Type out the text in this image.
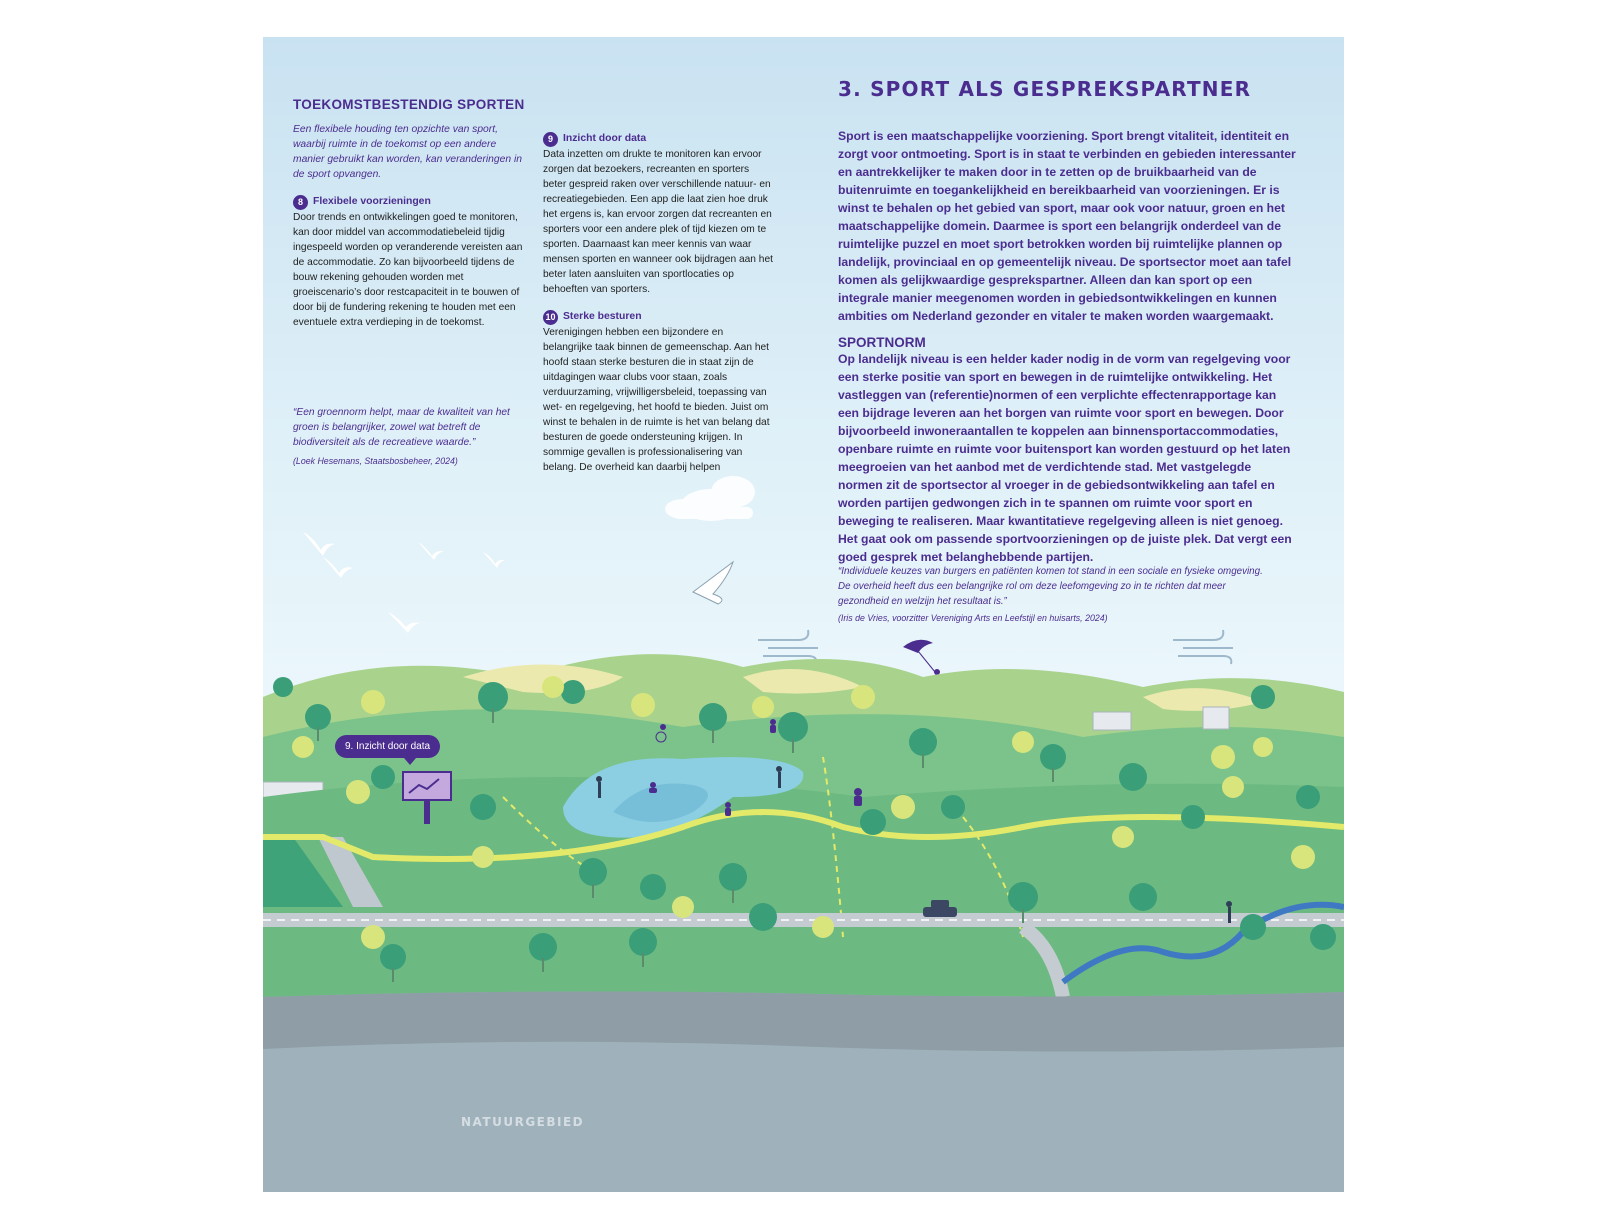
TOEKOMSTBESTENDIG SPORTEN

Een flexibele houding ten opzichte van sport, waarbij ruimte in de toekomst op een andere manier gebruikt kan worden, kan veranderingen in de sport opvangen.

8 Flexibele voorzieningen

Door trends en ontwikkelingen goed te monitoren, kan door middel van accommodatiebeleid tijdig ingespeeld worden op veranderende vereisten aan de accommodatie. Zo kan bijvoorbeeld tijdens de bouw rekening gehouden worden met groeiscenario’s door restcapaciteit in te bouwen of door bij de fundering rekening te houden met een eventuele extra verdieping in de toekomst.

“Een groennorm helpt, maar de kwaliteit van het groen is belangrijker, zowel wat betreft de biodiversiteit als de recreatieve waarde.”
(Loek Hesemans, Staatsbosbeheer, 2024)
9 Inzicht door data

Data inzetten om drukte te monitoren kan ervoor zorgen dat bezoekers, recreanten en sporters beter gespreid raken over verschillende natuur- en recreatiegebieden. Een app die laat zien hoe druk het ergens is, kan ervoor zorgen dat recreanten en sporters voor een andere plek of tijd kiezen om te sporten. Daarnaast kan meer kennis van waar mensen sporten en wanneer ook bijdragen aan het beter laten aansluiten van sportlocaties op behoeften van sporters.

10 Sterke besturen

Verenigingen hebben een bijzondere en belangrijke taak binnen de gemeenschap. Aan het hoofd staan sterke besturen die in staat zijn de uitdagingen waar clubs voor staan, zoals verduurzaming, vrijwilligersbeleid, toepassing van wet- en regelgeving, het hoofd te bieden. Juist om winst te behalen in de ruimte is het van belang dat besturen de goede ondersteuning krijgen. In sommige gevallen is professionalisering van belang. De overheid kan daarbij helpen

3. SPORT ALS GESPREKSPARTNER

Sport is een maatschappelijke voorziening. Sport brengt vitaliteit, identiteit en zorgt voor ontmoeting. Sport is in staat te verbinden en gebieden interessanter en aantrekkelijker te maken door in te zetten op de bruikbaarheid van de buitenruimte en toegankelijkheid en bereikbaarheid van voorzieningen. Er is winst te behalen op het gebied van sport, maar ook voor natuur, groen en het maatschappelijke domein. Daarmee is sport een belangrijk onderdeel van de ruimtelijke puzzel en moet sport betrokken worden bij ruimtelijke plannen op landelijk, provinciaal en op gemeentelijk niveau. De sportsector moet aan tafel komen als gelijkwaardige gesprekspartner. Alleen dan kan sport op een integrale manier meegenomen worden in gebiedsontwikkelingen en kunnen ambities om Nederland gezonder en vitaler te maken worden waargemaakt.

SPORTNORM

Op landelijk niveau is een helder kader nodig in de vorm van regelgeving voor een sterke positie van sport en bewegen in de ruimtelijke ontwikkeling. Het vastleggen van (referentie)normen of een verplichte effectenrapportage kan een bijdrage leveren aan het borgen van ruimte voor sport en bewegen. Door bijvoorbeeld inwoneraantallen te koppelen aan binnensportaccommodaties, openbare ruimte en ruimte voor buitensport kan worden gestuurd op het laten meegroeien van het aanbod met de verdichtende stad. Met vastgelegde normen zit de sportsector al vroeger in de gebiedsontwikkeling aan tafel en worden partijen gedwongen zich in te spannen om ruimte voor sport en beweging te realiseren. Maar kwantitatieve regelgeving alleen is niet genoeg. Het gaat ook om passende sportvoorzieningen op de juiste plek. Dat vergt een goed gesprek met belanghebbende partijen.

“Individuele keuzes van burgers en patiënten komen tot stand in een sociale en fysieke omgeving. De overheid heeft dus een belangrijke rol om deze leefomgeving zo in te richten dat meer gezondheid en welzijn het resultaat is.”
(Iris de Vries, voorzitter Vereniging Arts en Leefstijl en huisarts, 2024)
9. Inzicht door data
NATUURGEBIED
